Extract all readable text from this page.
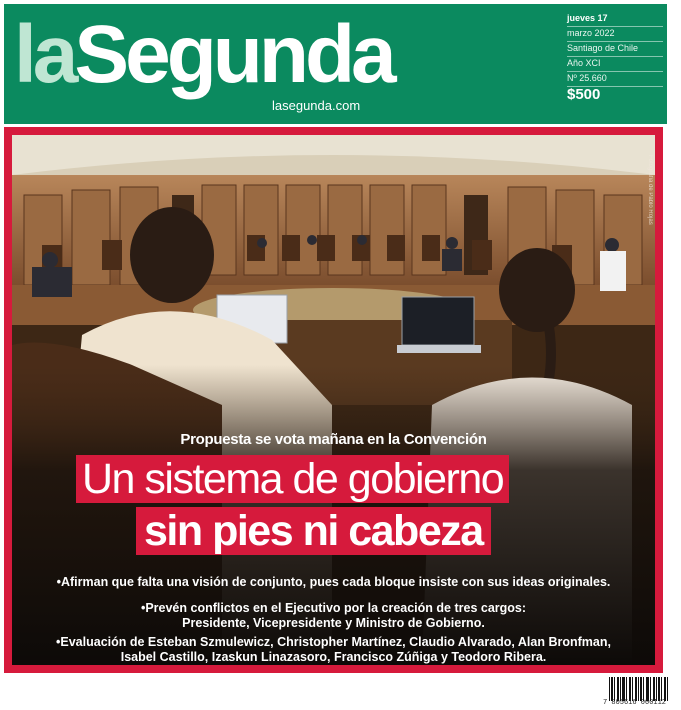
laSegunda
lasegunda.com
jueves 17
marzo 2022
Santiago de Chile
Año XCI
Nº 25.660
$500
Fotografía de Pablo Rojas
Propuesta se vota mañana en la Convención
Un sistema de gobierno
sin pies ni cabeza
•Afirman que falta una visión de conjunto, pues cada bloque insiste con sus ideas originales.
•Prevén conflictos en el Ejecutivo por la creación de tres cargos:
Presidente, Vicepresidente y Ministro de Gobierno.
•Evaluación de Esteban Szmulewicz, Christopher Martínez, Claudio Alvarado, Alan Bronfman,
Isabel Castillo, Izaskun Linazasoro, Francisco Zúñiga y Teodoro Ribera.
7 805616 000112
